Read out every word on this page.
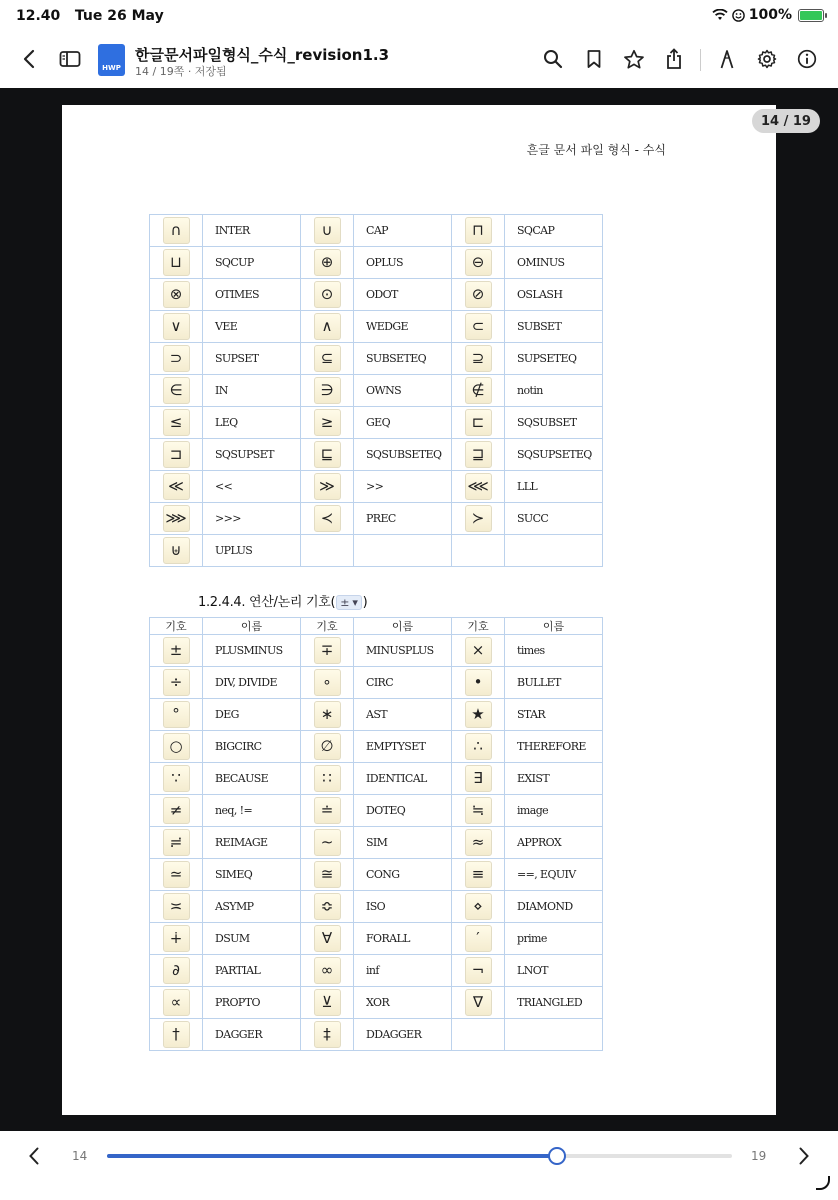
12.40 Tue 26 May	100%
HWP
한글문서파일형식_수식_revision1.3
14 / 19쪽 · 저장됨
흔글 문서 파일 형식 - 수식
∩	INTER	∪	CAP	⊓	SQCAP
⊔	SQCUP	⊕	OPLUS	⊖	OMINUS
⊗	OTIMES	⊙	ODOT	⊘	OSLASH
∨	VEE	∧	WEDGE	⊂	SUBSET
⊃	SUPSET	⊆	SUBSETEQ	⊇	SUPSETEQ
∈	IN	∋	OWNS	∉	notin
≤	LEQ	≥	GEQ	⊏	SQSUBSET
⊐	SQSUPSET	⊑	SQSUBSETEQ	⊒	SQSUPSETEQ
≪	<<	≫	>>	⋘	LLL
⋙	>>>	≺	PREC	≻	SUCC
⊎	UPLUS				
1.2.4.4. 연산/논리 기호( ± ▾ )
기호	이름	기호	이름	기호	이름
±	PLUSMINUS	∓	MINUSPLUS	×	times
÷	DIV, DIVIDE	∘	CIRC	•	BULLET
°	DEG	∗	AST	★	STAR
○	BIGCIRC	∅	EMPTYSET	∴	THEREFORE
∵	BECAUSE	∷	IDENTICAL	∃	EXIST
≠	neq, !=	≐	DOTEQ	≒	image
≓	REIMAGE	∼	SIM	≈	APPROX
≃	SIMEQ	≅	CONG	≡	==, EQUIV
≍	ASYMP	≎	ISO	⋄	DIAMOND
∔	DSUM	∀	FORALL	′	prime
∂	PARTIAL	∞	inf	¬	LNOT
∝	PROPTO	⊻	XOR	∇	TRIANGLED
†	DAGGER	‡	DDAGGER		
14 / 19
14	19
